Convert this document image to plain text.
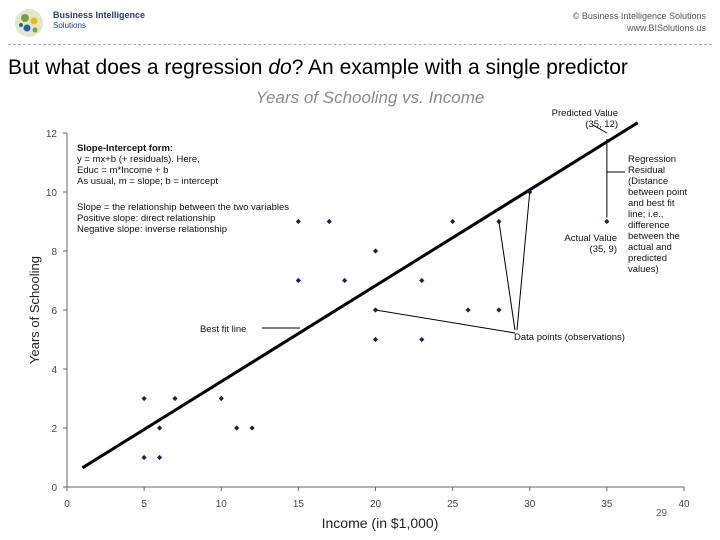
Business Intelligence
Solutions
© Business Intelligence Solutions
www.BISolutions.us
But what does a regression do? An example with a single predictor
Years of Schooling vs. Income
0	5	10	15	20	25	30	35	40
0
2
4
6
8
10
12
Income (in $1,000)
Years of Schooling
Slope-Intercept form:
y = mx+b (+ residuals). Here,
Educ = m*Income + b
As usual, m = slope; b = intercept
Slope = the relationship between the two variables
Positive slope: direct relationship
Negative slope: inverse relationship
Predicted Value
(35, 12)
Regression
Residual
(Distance
between point
and best fit
line; i.e.,
difference
between the
actual and
predicted
values)
Actual Value
(35, 9)
Best fit line
Data points (observations)
29
